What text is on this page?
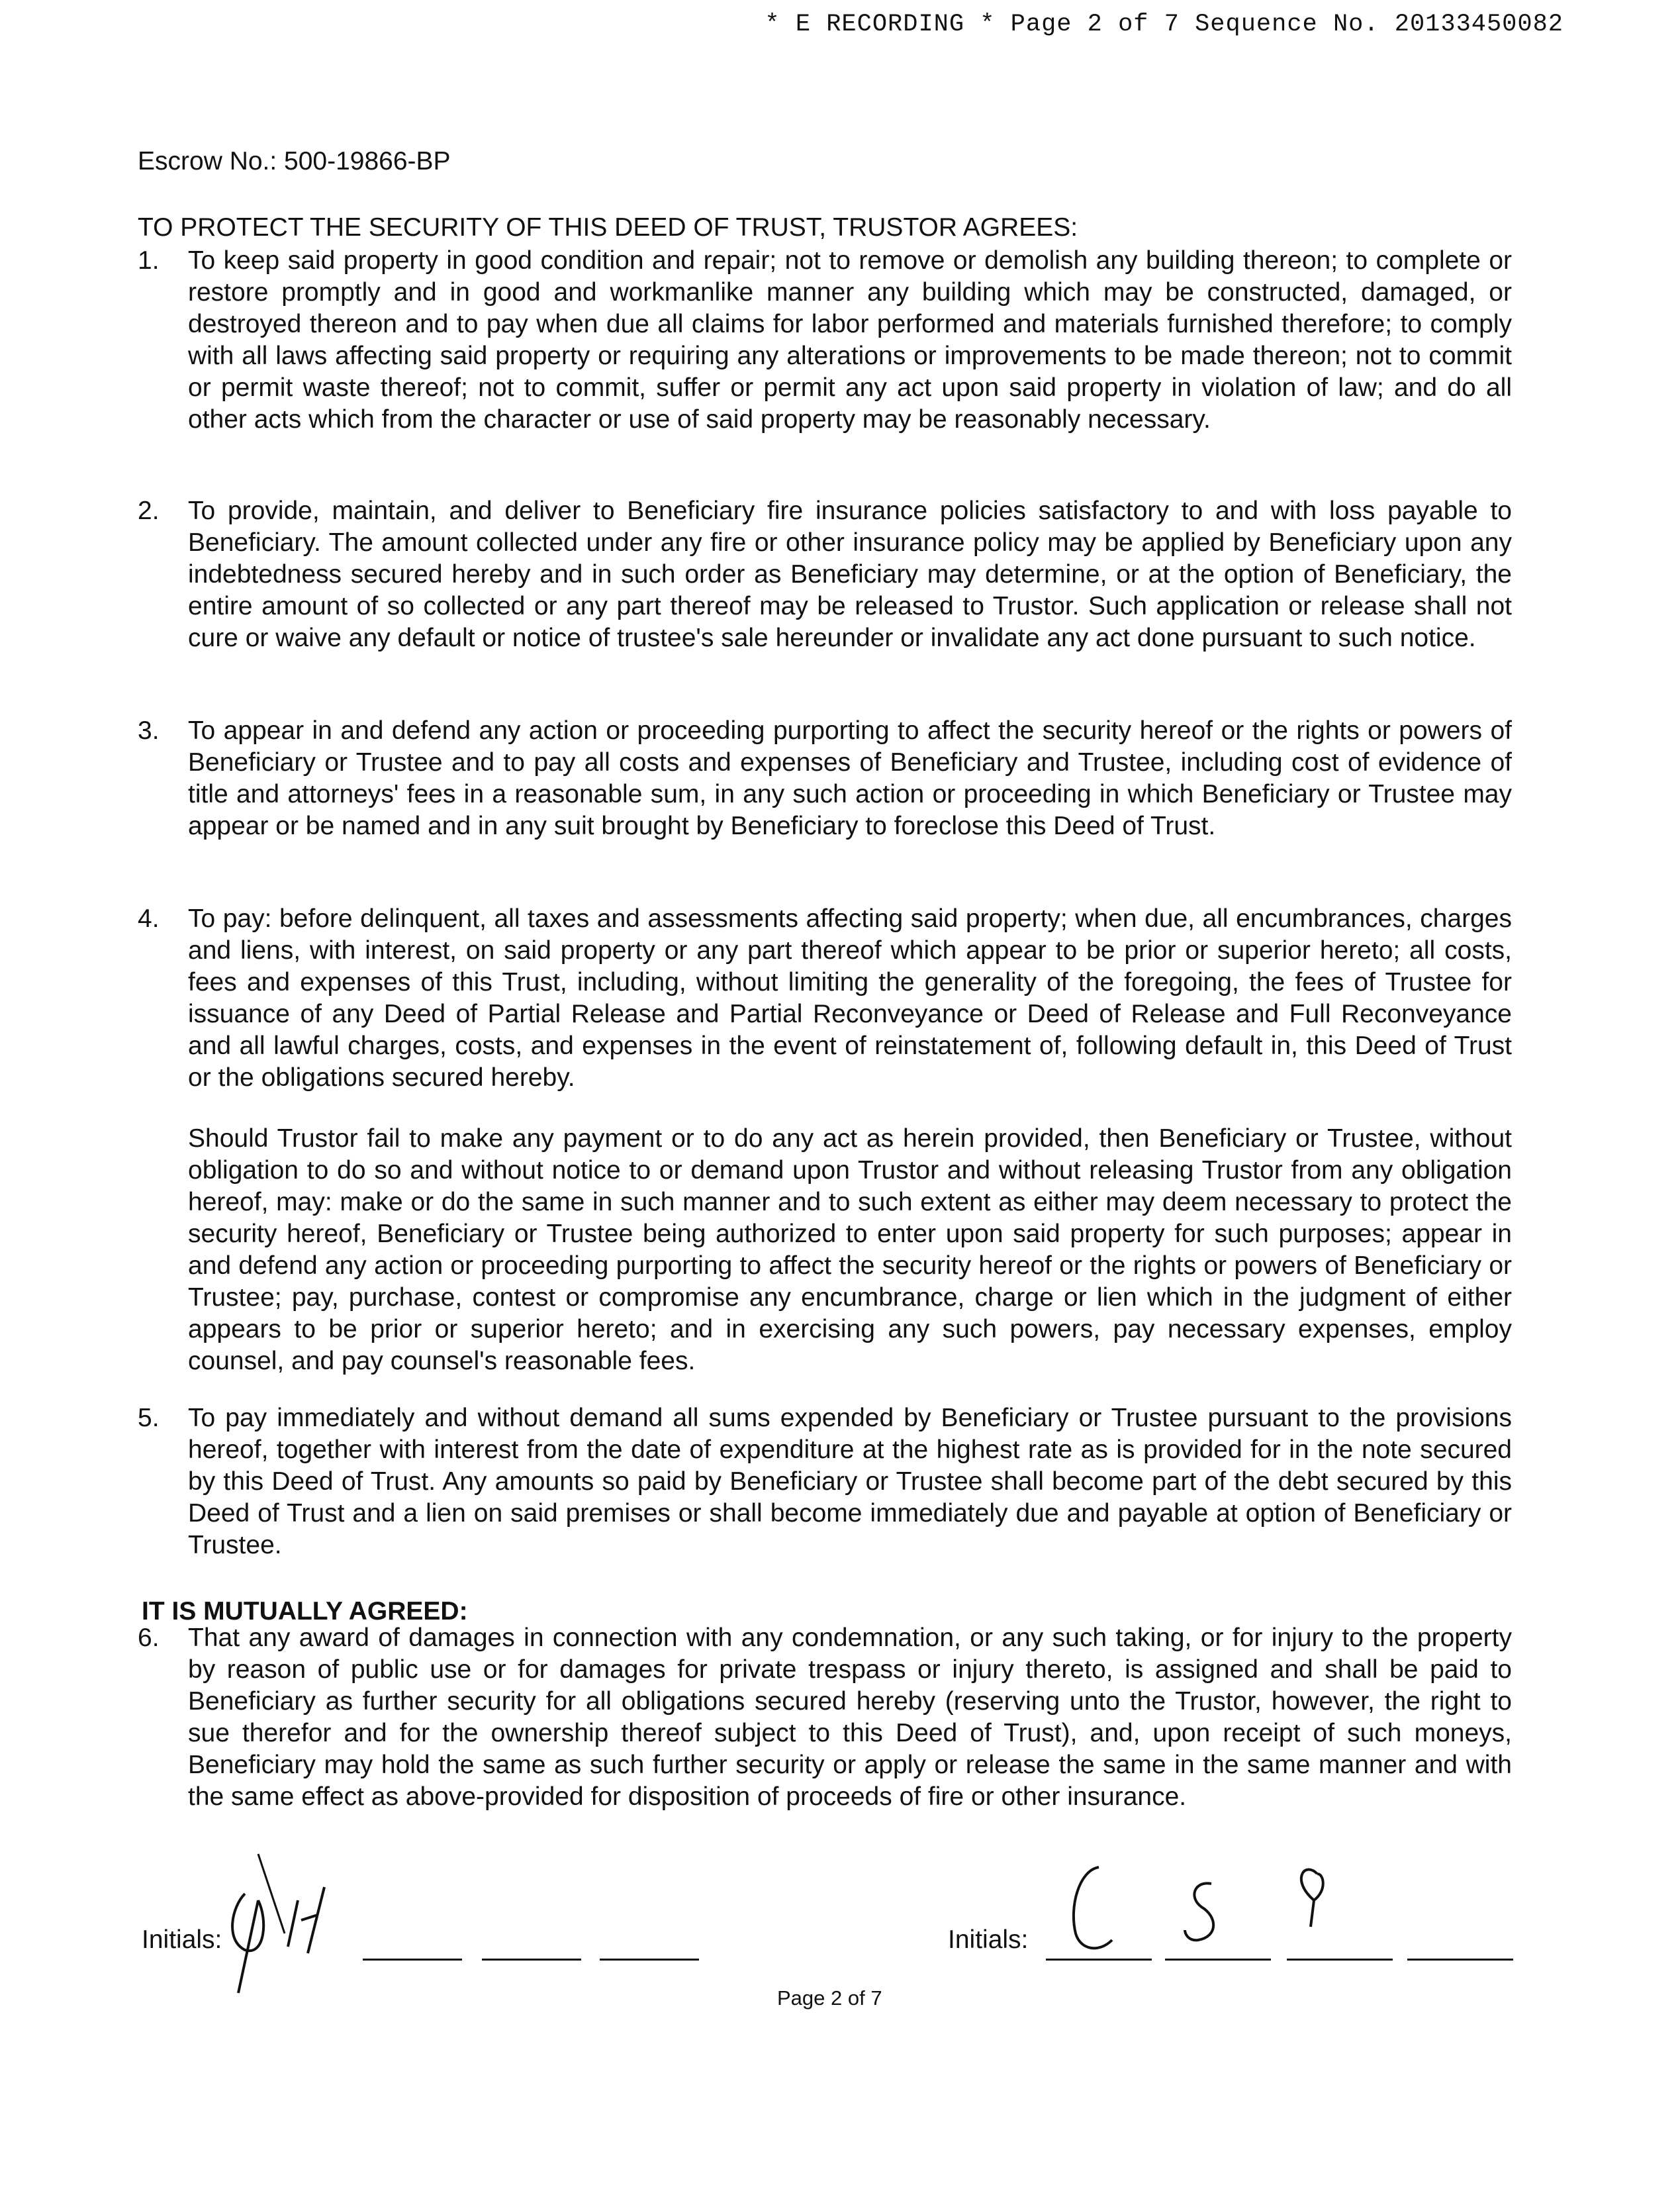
* E RECORDING * Page 2 of 7 Sequence No. 20133450082
Escrow No.: 500-19866-BP
TO PROTECT THE SECURITY OF THIS DEED OF TRUST, TRUSTOR AGREES:
1.	To keep said property in good condition and repair; not to remove or demolish any building thereon; to complete or restore promptly and in good and workmanlike manner any building which may be constructed, damaged, or destroyed thereon and to pay when due all claims for labor performed and materials furnished therefore; to comply with all laws affecting said property or requiring any alterations or improvements to be made thereon; not to commit or permit waste thereof; not to commit, suffer or permit any act upon said property in violation of law; and do all other acts which from the character or use of said property may be reasonably necessary.
2.	To provide, maintain, and deliver to Beneficiary fire insurance policies satisfactory to and with loss payable to Beneficiary. The amount collected under any fire or other insurance policy may be applied by Beneficiary upon any indebtedness secured hereby and in such order as Beneficiary may determine, or at the option of Beneficiary, the entire amount of so collected or any part thereof may be released to Trustor. Such application or release shall not cure or waive any default or notice of trustee's sale hereunder or invalidate any act done pursuant to such notice.
3.	To appear in and defend any action or proceeding purporting to affect the security hereof or the rights or powers of Beneficiary or Trustee and to pay all costs and expenses of Beneficiary and Trustee, including cost of evidence of title and attorneys' fees in a reasonable sum, in any such action or proceeding in which Beneficiary or Trustee may appear or be named and in any suit brought by Beneficiary to foreclose this Deed of Trust.
4.	To pay: before delinquent, all taxes and assessments affecting said property; when due, all encumbrances, charges and liens, with interest, on said property or any part thereof which appear to be prior or superior hereto; all costs, fees and expenses of this Trust, including, without limiting the generality of the foregoing, the fees of Trustee for issuance of any Deed of Partial Release and Partial Reconveyance or Deed of Release and Full Reconveyance and all lawful charges, costs, and expenses in the event of reinstatement of, following default in, this Deed of Trust or the obligations secured hereby.
Should Trustor fail to make any payment or to do any act as herein provided, then Beneficiary or Trustee, without obligation to do so and without notice to or demand upon Trustor and without releasing Trustor from any obligation hereof, may: make or do the same in such manner and to such extent as either may deem necessary to protect the security hereof, Beneficiary or Trustee being authorized to enter upon said property for such purposes; appear in and defend any action or proceeding purporting to affect the security hereof or the rights or powers of Beneficiary or Trustee; pay, purchase, contest or compromise any encumbrance, charge or lien which in the judgment of either appears to be prior or superior hereto; and in exercising any such powers, pay necessary expenses, employ counsel, and pay counsel's reasonable fees.
5.	To pay immediately and without demand all sums expended by Beneficiary or Trustee pursuant to the provisions hereof, together with interest from the date of expenditure at the highest rate as is provided for in the note secured by this Deed of Trust. Any amounts so paid by Beneficiary or Trustee shall become part of the debt secured by this Deed of Trust and a lien on said premises or shall become immediately due and payable at option of Beneficiary or Trustee.
IT IS MUTUALLY AGREED:
6.	That any award of damages in connection with any condemnation, or any such taking, or for injury to the property by reason of public use or for damages for private trespass or injury thereto, is assigned and shall be paid to Beneficiary as further security for all obligations secured hereby (reserving unto the Trustor, however, the right to sue therefor and for the ownership thereof subject to this Deed of Trust), and, upon receipt of such moneys, Beneficiary may hold the same as such further security or apply or release the same in the same manner and with the same effect as above-provided for disposition of proceeds of fire or other insurance.
Initials:	Initials:
Page 2 of 7
